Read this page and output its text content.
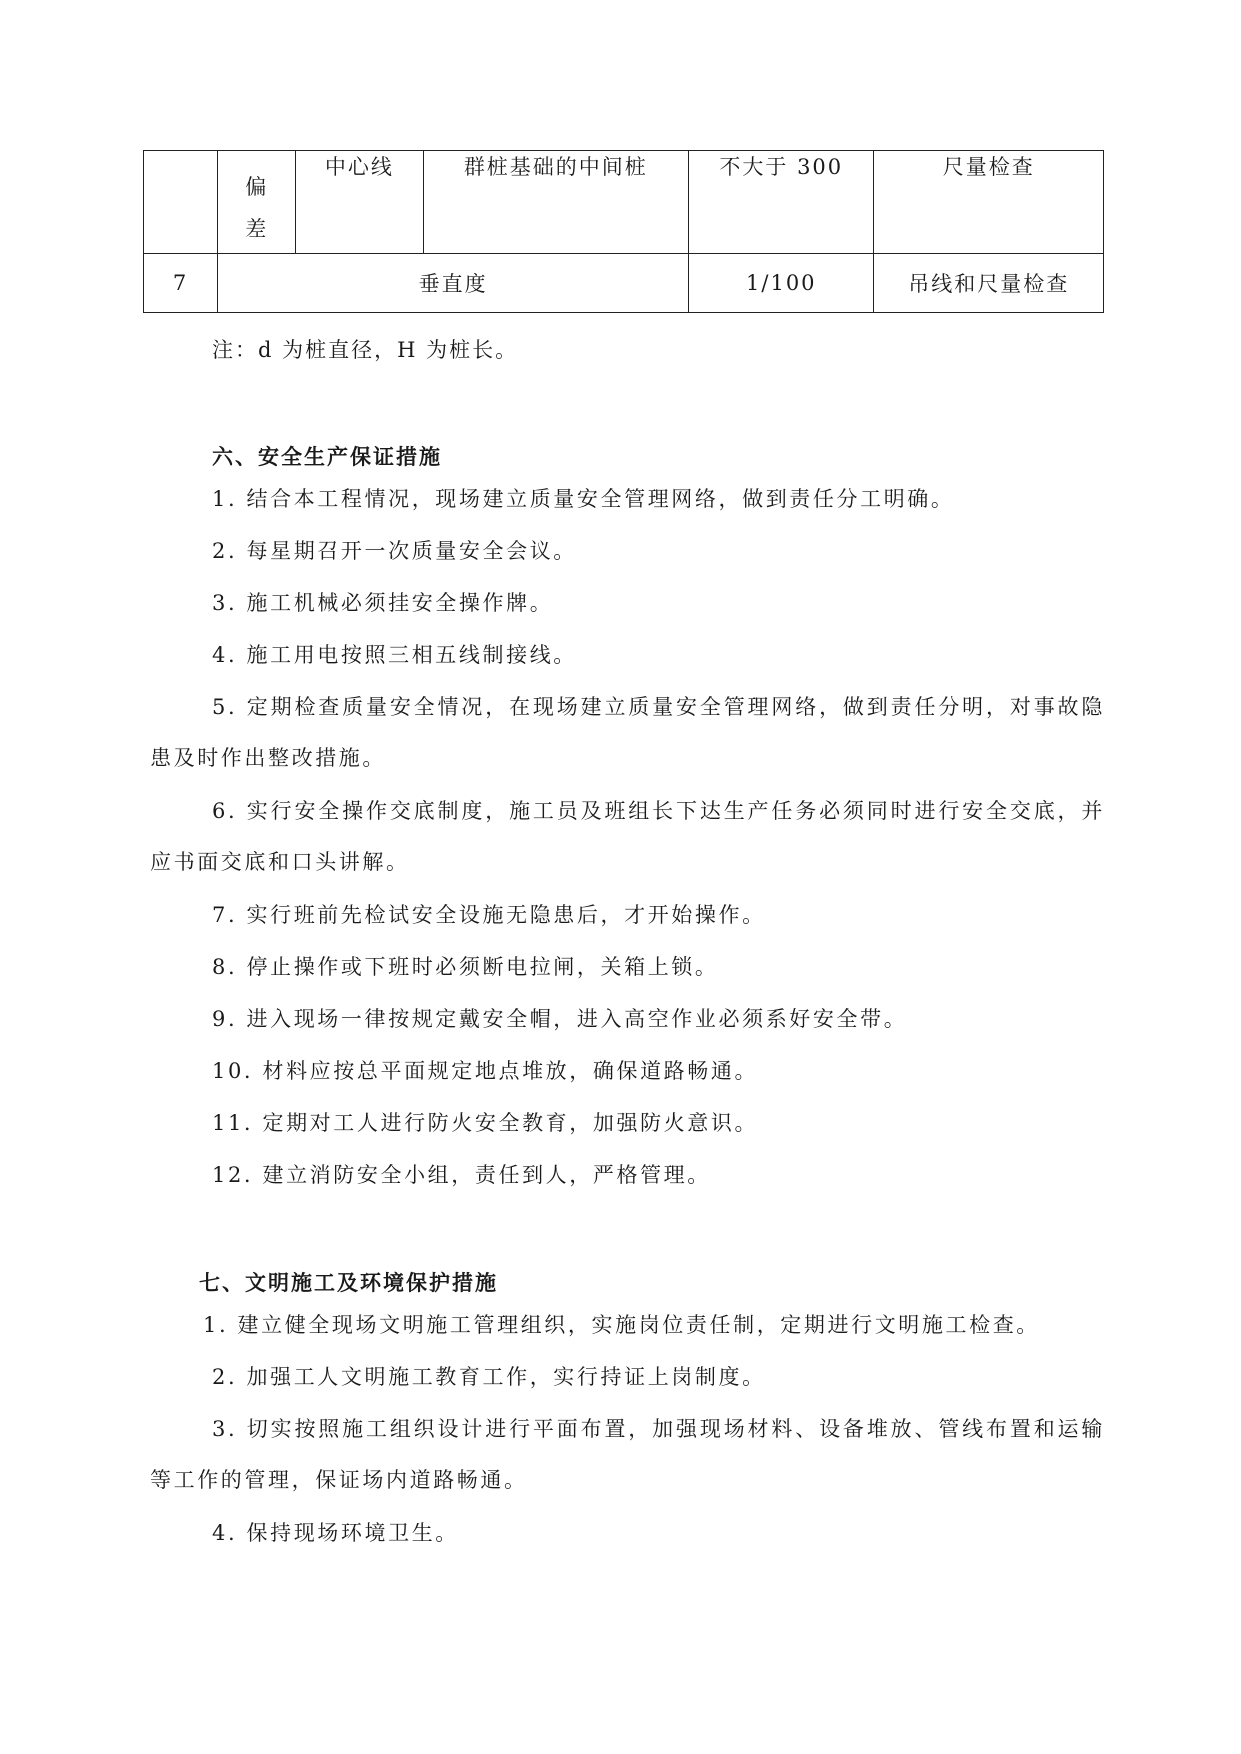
	偏
差	中心线	群桩基础的中间桩	不大于 300	尺量检查
7	垂直度			1/100	吊线和尺量检查
注：d 为桩直径，H 为桩长。
六、安全生产保证措施
1. 结合本工程情况，现场建立质量安全管理网络，做到责任分工明确。
2. 每星期召开一次质量安全会议。
3. 施工机械必须挂安全操作牌。
4. 施工用电按照三相五线制接线。
5. 定期检查质量安全情况，在现场建立质量安全管理网络，做到责任分明，对事故隐患及时作出整改措施。
6. 实行安全操作交底制度，施工员及班组长下达生产任务必须同时进行安全交底，并应书面交底和口头讲解。
7. 实行班前先检试安全设施无隐患后，才开始操作。
8. 停止操作或下班时必须断电拉闸，关箱上锁。
9. 进入现场一律按规定戴安全帽，进入高空作业必须系好安全带。
10. 材料应按总平面规定地点堆放，确保道路畅通。
11. 定期对工人进行防火安全教育，加强防火意识。
12. 建立消防安全小组，责任到人，严格管理。
七、文明施工及环境保护措施
1. 建立健全现场文明施工管理组织，实施岗位责任制，定期进行文明施工检查。
2. 加强工人文明施工教育工作，实行持证上岗制度。
3. 切实按照施工组织设计进行平面布置，加强现场材料、设备堆放、管线布置和运输等工作的管理，保证场内道路畅通。
4. 保持现场环境卫生。
